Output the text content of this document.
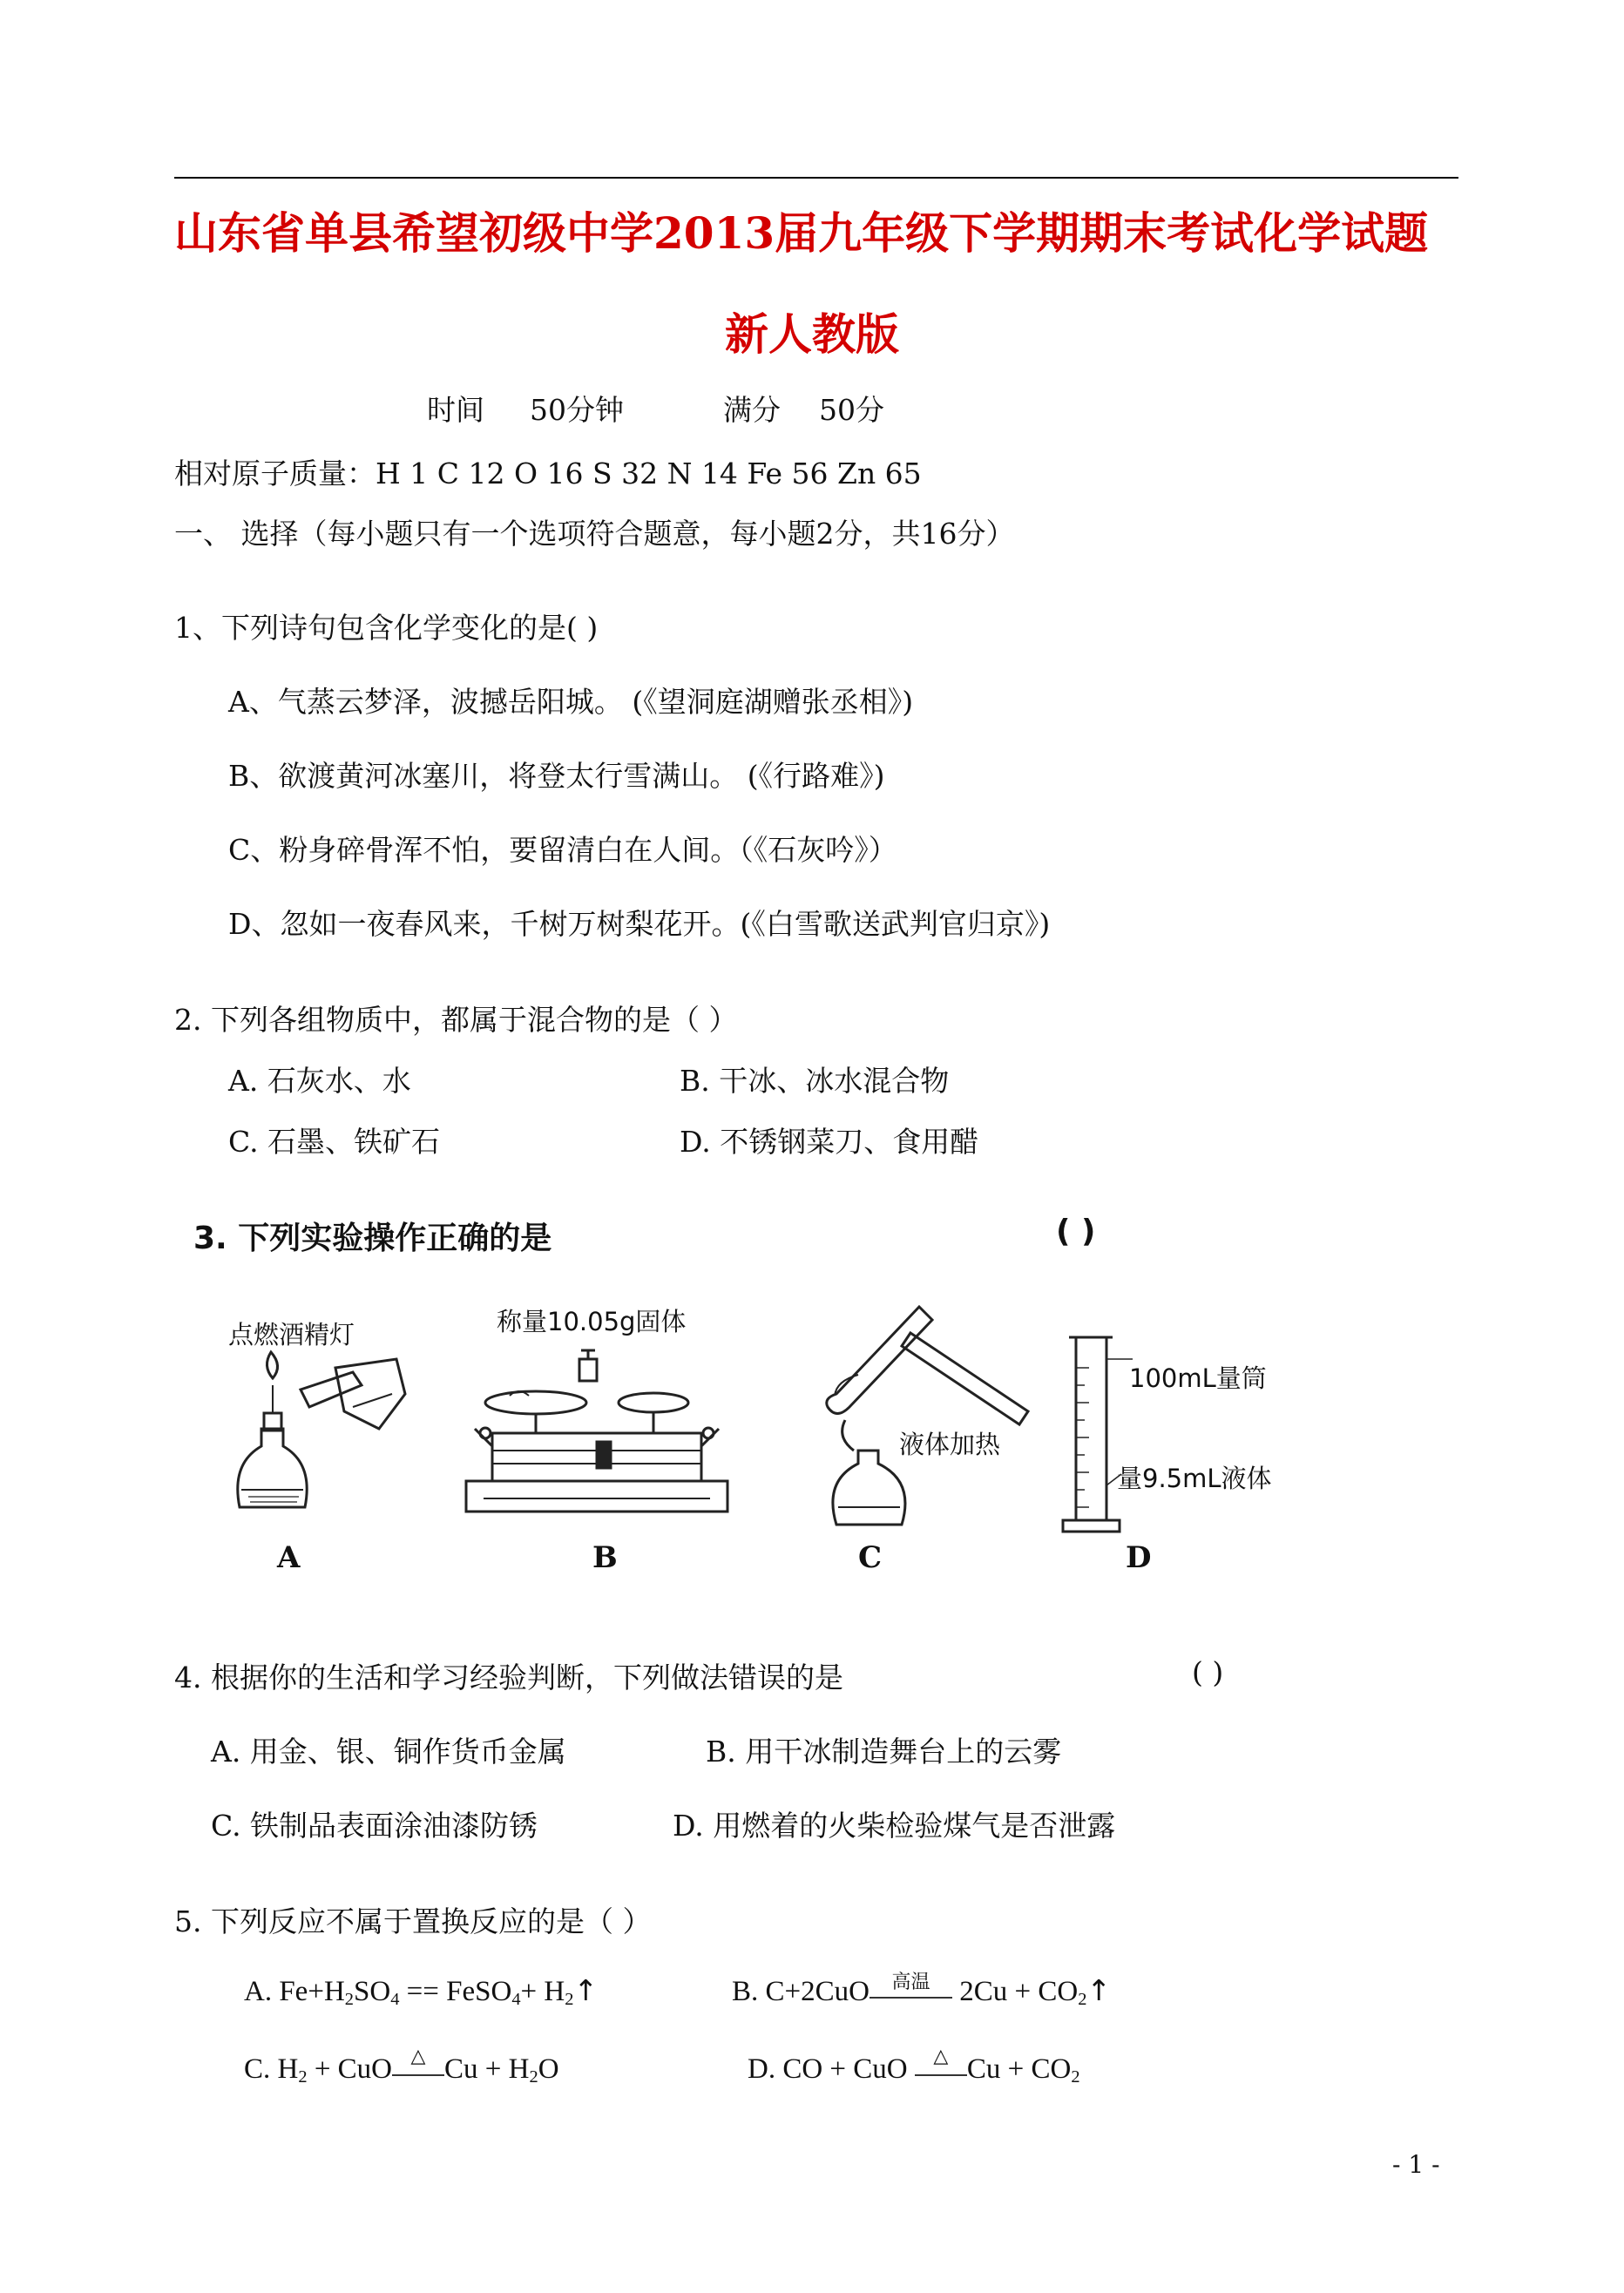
山东省单县希望初级中学2013届九年级下学期期末考试化学试题
新人教版
时间 50分钟	满分 50分
相对原子质量：H 1 C 12 O 16 S 32 N 14 Fe 56 Zn 65
一、 选择（每小题只有一个选项符合题意，每小题2分，共16分）
1、下列诗句包含化学变化的是( )
A、气蒸云梦泽，波撼岳阳城。 (《望洞庭湖赠张丞相》)
B、欲渡黄河冰塞川，将登太行雪满山。 (《行路难》)
C、粉身碎骨浑不怕，要留清白在人间。（《石灰吟》）
D、忽如一夜春风来，千树万树梨花开。(《白雪歌送武判官归京》)
2. 下列各组物质中，都属于混合物的是（ ）
A. 石灰水、水	B. 干冰、冰水混合物
C. 石墨、铁矿石	D. 不锈钢菜刀、食用醋
3. 下列实验操作正确的是	( )
点燃酒精灯	称量10.05g固体
液体加热
100mL量筒
量9.5mL液体
A	B	C	D
4. 根据你的生活和学习经验判断，下列做法错误的是	( )
A. 用金、银、铜作货币金属	B. 用干冰制造舞台上的云雾
C. 铁制品表面涂油漆防锈	D. 用燃着的火柴检验煤气是否泄露
5. 下列反应不属于置换反应的是（ ）
A. $Fe+H_2SO_4$ == FeSO$_4$+ $H_2↑$	B. C+2CuO	高温 $2Cu + CO_2↑$
C. $H_2$ + CuO △ $Cu + H_2O$	D. CO + CuO △ $Cu + CO_2$
- 1 -
